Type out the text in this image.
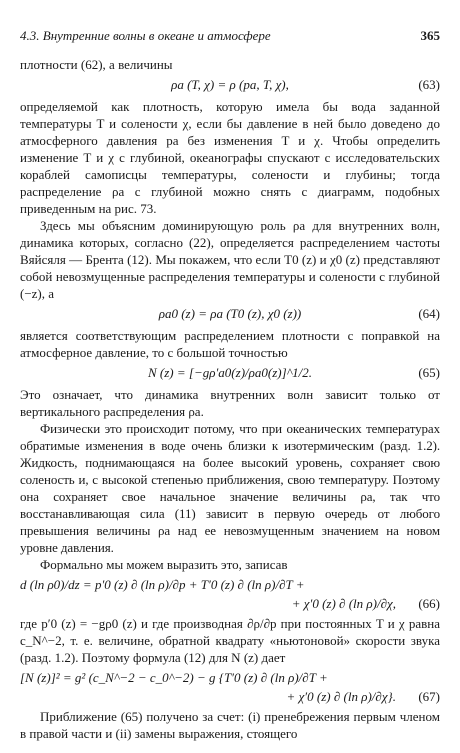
4.3. Внутренние волны в океане и атмосфере	365

плотности (62), а величины

ρa (T, χ) = ρ (pa, T, χ),	(63)

определяемой как плотность, которую имела бы вода заданной температуры T и солености χ, если бы давление в ней было доведено до атмосферного давления pa без изменения T и χ. Чтобы определить изменение T и χ с глубиной, океанографы спускают с исследовательских кораблей самописцы температуры, солености и глубины; тогда распределение ρa с глубиной можно снять с диаграмм, подобных приведенным на рис. 73.

Здесь мы объясним доминирующую роль ρa для внутренних волн, динамика которых, согласно (22), определяется распределением частоты Вяйсяля — Брента (12). Мы покажем, что если T0 (z) и χ0 (z) представляют собой невозмущенные распределения температуры и солености с глубиной (−z), а

ρa0 (z) = ρa (T0 (z), χ0 (z))	(64)

является соответствующим распределением плотности с поправкой на атмосферное давление, то с большой точностью

N (z) = [−gρ′a0(z)/ρa0(z)]^1/2.	(65)

Это означает, что динамика внутренних волн зависит только от вертикального распределения ρa.

Физически это происходит потому, что при океанических температурах обратимые изменения в воде очень близки к изотермическим (разд. 1.2). Жидкость, поднимающаяся на более высокий уровень, сохраняет свою соленость и, с высокой степенью приближения, свою температуру. Поэтому она сохраняет свое начальное значение величины ρa, так что восстанавливающая сила (11) зависит в первую очередь от любого превышения величины ρa над ее невозмущенным значением на новом уровне давления.

Формально мы можем выразить это, записав

d (ln ρ0)/dz = p′0 (z) ∂ (ln ρ)/∂p + T′0 (z) ∂ (ln ρ)/∂T +
+ χ′0 (z) ∂ (ln ρ)/∂χ,	(66)

где p′0 (z) = −gρ0 (z) и где производная ∂ρ/∂p при постоянных T и χ равна c_N^−2, т. е. величине, обратной квадрату «ньютоновой» скорости звука (разд. 1.2). Поэтому формула (12) для N (z) дает

[N (z)]² = g² (c_N^−2 − c_0^−2) − g {T′0 (z) ∂ (ln ρ)/∂T +
+ χ′0 (z) ∂ (ln ρ)/∂χ}.	(67)

Приближение (65) получено за счет: (i) пренебрежения первым членом в правой части и (ii) замены выражения, стоящего
